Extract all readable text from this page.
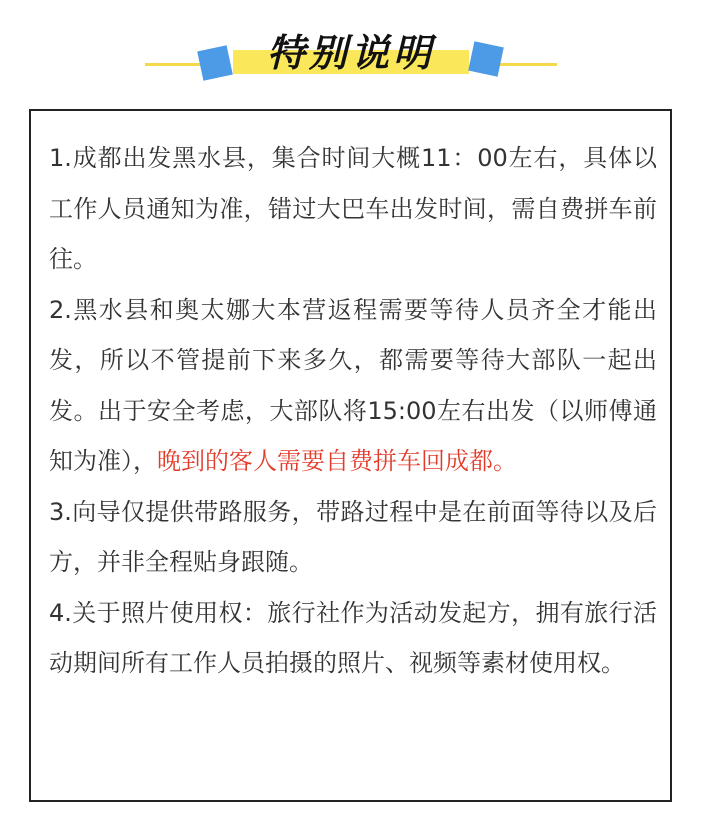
特别说明
1.成都出发黑水县，集合时间大概11：00左右，具体以工作人员通知为准，错过大巴车出发时间，需自费拼车前往。
2.黑水县和奥太娜大本营返程需要等待人员齐全才能出发，所以不管提前下来多久，都需要等待大部队一起出发。出于安全考虑，大部队将15:00左右出发（以师傅通知为准），晚到的客人需要自费拼车回成都。
3.向导仅提供带路服务，带路过程中是在前面等待以及后方，并非全程贴身跟随。
4.关于照片使用权：旅行社作为活动发起方，拥有旅行活动期间所有工作人员拍摄的照片、视频等素材使用权。
